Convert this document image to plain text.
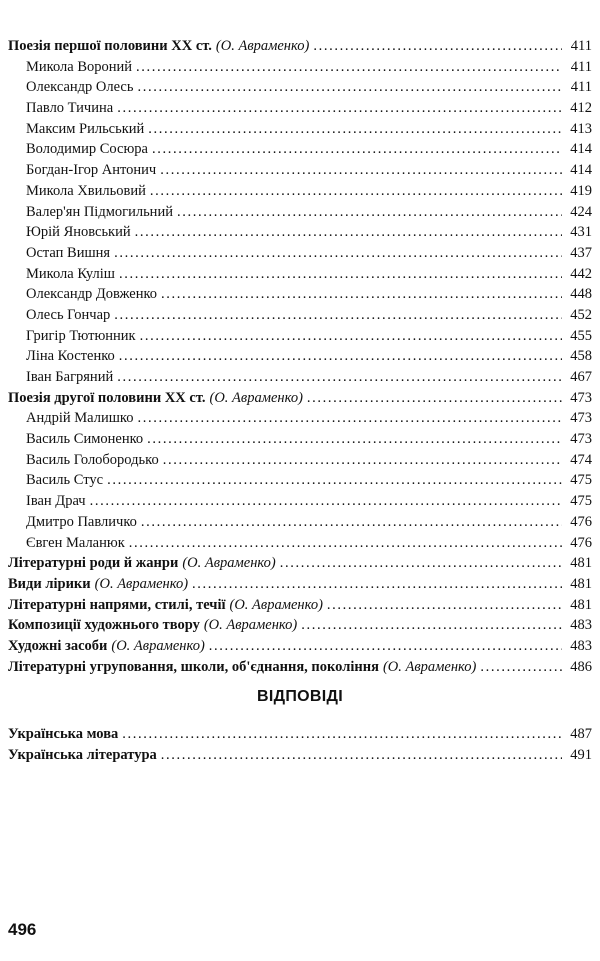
Поезія першої половини XX ст. (О. Авраменко) . . .	411
Микола Вороний . . .	411
Олександр Олесь . . .	411
Павло Тичина . . .	412
Максим Рильський . . .	413
Володимир Сосюра . . .	414
Богдан-Ігор Антонич . . .	414
Микола Хвильовий . . .	419
Валер'ян Підмогильний . . .	424
Юрій Яновський . . .	431
Остап Вишня . . .	437
Микола Куліш . . .	442
Олександр Довженко . . .	448
Олесь Гончар . . .	452
Григір Тютюнник . . .	455
Ліна Костенко . . .	458
Іван Багряний . . .	467
Поезія другої половини XX ст. (О. Авраменко) . . .	473
Андрій Малишко . . .	473
Василь Симоненко . . .	473
Василь Голобородько . . .	474
Василь Стус . . .	475
Іван Драч . . .	475
Дмитро Павличко . . .	476
Євген Маланюк . . .	476
Літературні роди й жанри (О. Авраменко) . . .	481
Види лірики (О. Авраменко) . . .	481
Літературні напрями, стилі, течії (О. Авраменко) . . .	481
Композиції художнього твору (О. Авраменко) . . .	483
Художні засоби (О. Авраменко) . . .	483
Літературні угруповання, школи, об'єднання, покоління (О. Авраменко) . . .	486
ВІДПОВІДІ
Українська мова . . .	487
Українська література . . .	491
496
